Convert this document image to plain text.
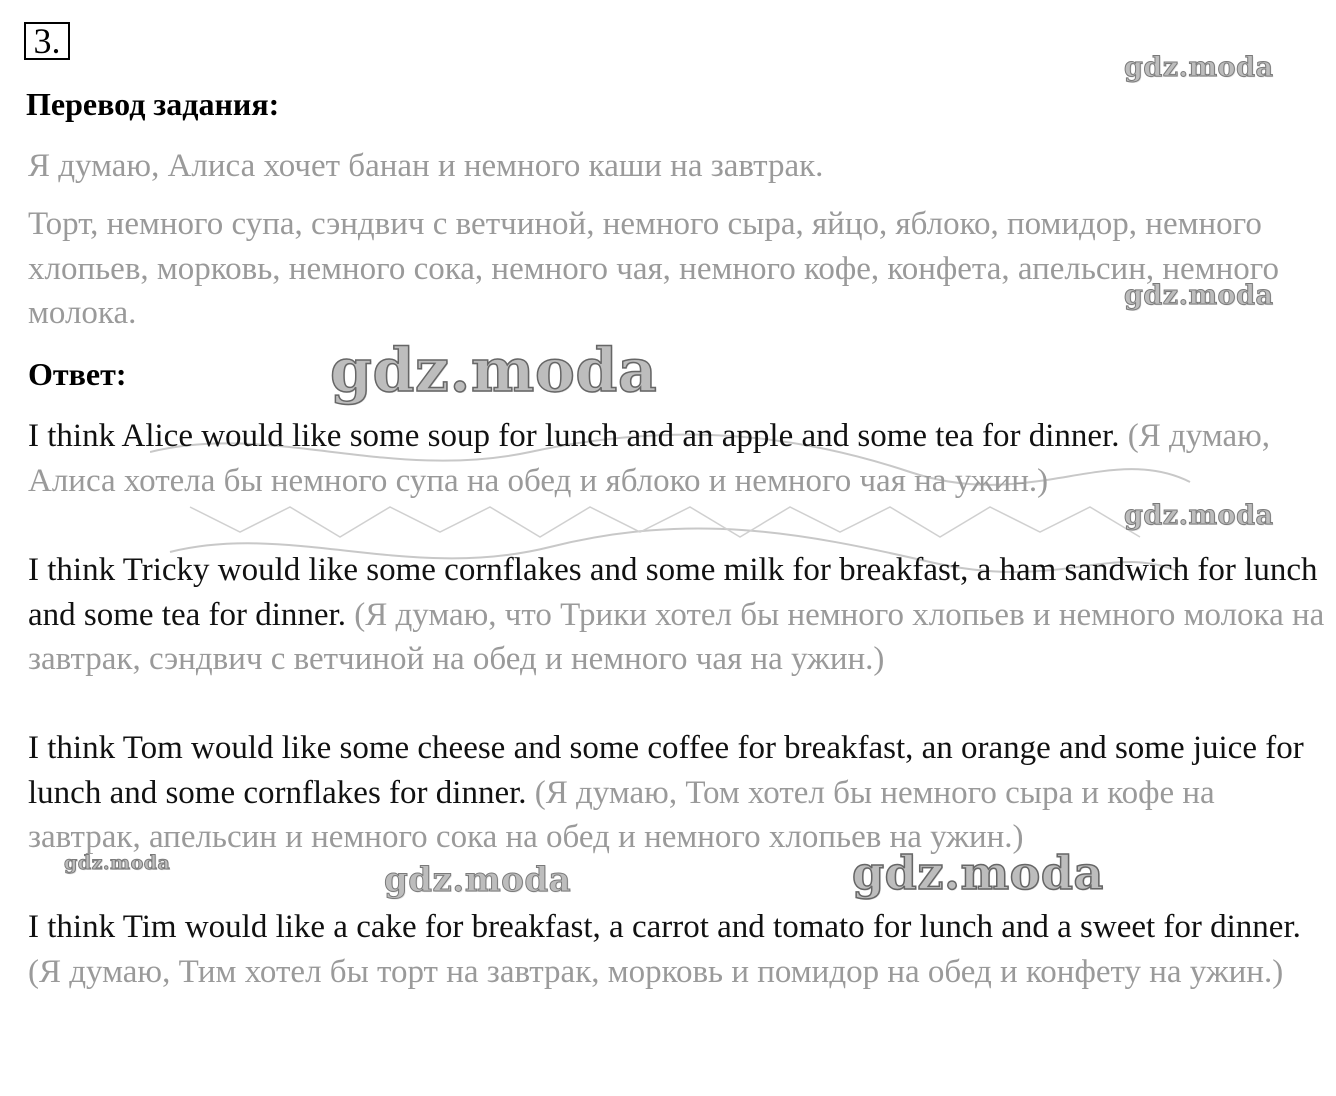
3.
gdz.moda
Перевод задания:
Я думаю, Алиса хочет банан и немного каши на завтрак.
Торт, немного супа, сэндвич с ветчиной, немного сыра, яйцо, яблоко, помидор, немного хлопьев, морковь, немного сока, немного чая, немного кофе, конфета, апельсин, немного молока.	gdz.moda
Ответ:	gdz.moda
I think Alice would like some soup for lunch and an apple and some tea for dinner. (Я думаю, Алиса хотела бы немного супа на обед и яблоко и немного чая на ужин.)
gdz.moda
I think Tricky would like some cornflakes and some milk for breakfast, a ham sandwich for lunch and some tea for dinner. (Я думаю, что Трики хотел бы немного хлопьев и немного молока на завтрак, сэндвич с ветчиной на обед и немного чая на ужин.)
I think Tom would like some cheese and some coffee for breakfast, an orange and some juice for lunch and some cornflakes for dinner. (Я думаю, Том хотел бы немного сыра и кофе на завтрак, апельсин и немного сока на обед и немного хлопьев на ужин.)
gdz.moda	gdz.moda	gdz.moda
I think Tim would like a cake for breakfast, a carrot and tomato for lunch and a sweet for dinner. (Я думаю, Тим хотел бы торт на завтрак, морковь и помидор на обед и конфету на ужин.)
